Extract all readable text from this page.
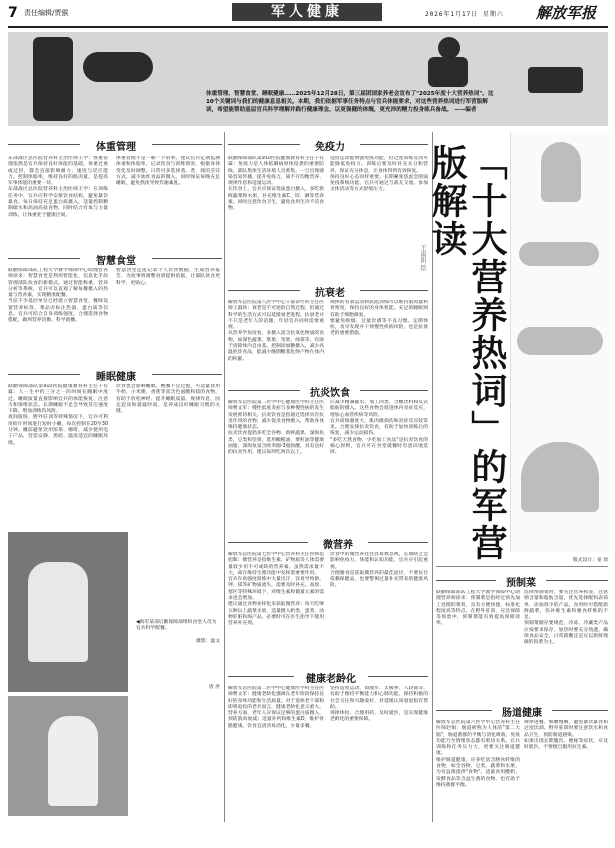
7 责任编辑/贾猴	军人健康	2026年1月17日 星期六 解放军报
体重管理、智慧食堂、睡眠健康……2025年12月28日，第三届团国家养老会宣布了"2025年度十大营养热词"。这10个关键词与我们的健康息息相关。本期，我们依据军事任务特点与官兵体能要求，对这些营养热词进行军营版解读，希望能帮助基层官兵科学理解并践行健康理念，以更强健的体魄，更充沛的精力投身练兵备战。 ——编者
体重管理
东部战区总医院营养科主治医师王学：体重管理依然是官兵保持良好体能的基础。体重过重或过轻，都会直接影响耐力、速度与反应能力。控制体脂率，维持良好的肌肉量，是提高军事体能的重要一环。
东部战区总医院营养科主治医师王学：在训练任务中，官兵应科学安排饮食结构，避免暴饮暴食。每日保持充足蛋白质摄入，适量控制精制碳水和高油高盐食物，同时结合有氧与力量训练，让体重处于健康区间。
体重管理不是一朝一夕的事。建议官兵定期监测体重和体脂率，记录饮食与训练情况，根据身体变化及时调整。日常可多选择蒸、煮、炖的烹饪方式，减少油炸食品的摄入。同时保证每晚充足睡眠，避免熬夜导致代谢紊乱。
智慧食堂
联勤保障部队工程大学教学保障中心助理营养师徐来：智慧食堂是利用智能化、信息化手段管理部队伙食的新模式。通过智能称重、营养分析等系统，官兵可以直观了解每餐摄入的热量与营养素，实现精准配餐。
当前不少基层单位已经建立智慧食堂，餐线设置营养标签，菜品旁标注热量、蛋白质等信息。官兵可结合自身训练强度，合理选择食物搭配，做到营养均衡、科学就餐。
智慧食堂还能记录个人饮食数据，生成营养报告，为炊事班调整食谱提供依据，让部队伙食更科学、更贴心。
睡眠健康
联勤保障部队第910医院健康教育科主任干有霖：人一生中约三分之一的时间在睡眠中度过。睡眠质量直接影响官兵的体能恢复、注意力和情绪状态。长期睡眠不足会导致反应速度下降，增加训练伤风险。
夜间值班、野外驻训等特殊情况下，官兵可利用碎片时间进行短时小睡，每次控制在20至30分钟。睡前避免饮用浓茶、咖啡，减少使用电子产品，营造安静、黑暗、温度适宜的睡眠环境。
饮食也会影响睡眠。晚餐不宜过饱，可适量食用牛奶、小米粥、香蕉等富含色氨酸和镁的食物，有助于放松神经、提升睡眠质量。规律作息，固定起床和就寝时间，是养成良好睡眠习惯的关键。
◀海军某部后勤保障部组织食堂人员为官兵科学配餐。
摄影：温文
唐 洪
免疫力
联勤保障部队第910医院健康教育科主任干有霖：免疫力是人体抵御病原体侵袭的重要防线。部队集体生活环境人员密集，一旦出现感染容易传播。提升免疫力，离不开均衡营养、规律作息和适量运动。
在饮食上，官兵应保证优质蛋白摄入，多吃新鲜蔬菜和水果，补充维生素C、锌、硒等营养素。同时注意饮食卫生，避免食用生冷不洁食物。
适度运动能增强免疫功能，但过度训练反而可能降低免疫力。训练后要及时补充水分和营养，保证充分休息，让身体得到有效恢复。
保持良好心态同样重要。长期紧张焦虑会削弱免疫系统功能，官兵可通过与战友交流、参加文体活动等方式舒缓压力。
抗衰老
解放军总医院第八医学中心干部诊疗科主任医师王淑珍：衰老是不可逆的自然过程，但通过科学的生活方式可以延缓衰老进程。抗衰老并不只是老年人的话题，年轻官兵同样需要重视。
从营养学角度看，多摄入富含抗氧化物质的食物，如深色蔬菜、浆果、坚果、绿茶等，有助于清除体内自由基。控制添加糖摄入，减少高温煎炸食品，能减少晚期糖基化终产物在体内的积累。
规律的有氧运动和抗阻训练可以维持肌肉量和骨密度，保持良好的身体机能。充足的睡眠则有助于细胞修复。
要避免吸烟、过量饮酒等不良习惯。定期体检，及早发现并干预慢性疾病风险，也是抗衰老的重要措施。
抗炎饮食
解放军总医院第二医学中心健康医学科主任医师曹文军：慢性低度炎症与多种慢性病的发生发展密切相关。抗炎饮食是指通过选择具有抗炎作用的食物，减少促炎食物摄入，帮助身体维持健康状态。
抗炎饮食提倡多吃全谷物、新鲜蔬果、深海鱼类、豆类和坚果，选用橄榄油、菜籽油等健康油脂。深海鱼富含欧米伽-3脂肪酸，具有良好的抗炎作用，建议每周吃两次以上。
应减少精制碳水、加工肉类、含糖饮料和反式脂肪的摄入。这些食物会促进体内炎症反应，增加心血管疾病等风险。
官兵训练强度大，肌肉微损伤和炎症反应较常见。合理安排抗炎饮食，有助于加快训练后的恢复，减少运动损伤。
"多吃天然食物，少吃加工食品"是抗炎饮食的核心原则，官兵可在食堂就餐时有意识地选择。
微营养
解放军总医院第七医学中心营养科主任医师范旭晖：微营养是指维生素、矿物质等人体需要量较少但不可或缺的营养素。虽然需求量不大，却在维持生理功能中发挥着重要作用。
官兵在高强度训练中大量出汗，容易导致钠、钾、镁等矿物质流失，需要及时补充。高原、寒区等特殊环境下，对维生素和微量元素的需求也会增加。
建议通过食物多样化来获取微营养：每天吃够五种以上蔬菜水果，适量摄入奶类、蛋类、动物肝脏和海产品。必要时可在医生指导下使用营养补充剂。
饮食中的微营养往往容易被忽视，长期缺乏会影响免疫力、体能和认知功能，官兵应引起重视。
合理膳食是获取微营养的最佳途径，不要盲目依赖保健品，也要警惕过量补充带来的健康风险。
健康老龄化
解放军总医院第二医学中心健康医学科主任医师曹文军：健康老龄化强调在老年阶段保持良好的身体功能和生活质量。对于退休老干部和即将退役的老兵而言，健康老龄化意义重大。
营养方面，老年人应保证足够的蛋白质摄入，预防肌肉衰减；适量补钙和维生素D，维护骨骼健康。饮食宜清淡易消化，少量多餐。
坚持适度运动，如散步、太极拳、八段锦等，有助于维持平衡能力和心肺功能。保持积极的社会交往和兴趣爱好，对延缓认知衰退很有帮助。
规律体检、合理用药、及时就医，是实现健康老龄化的重要保障。
「十大营养热词」的军营版解读
王雨阳 绘
版式设计：姜 琦
预制菜
联勤保障部队工程大学教学保障中心助理营养师徐来：预制菜是指经过预先加工处理的菜肴，具有方便快捷、标准化程度高等特点。在野外驻训、应急保障等场景中，预制菜能有效提高保障效率。
选择预制菜时，要关注营养标签，注意钠含量和脂肪含量，优先选择配料表简单、添加剂少的产品。食用时可搭配新鲜蔬菜，弥补维生素和膳食纤维的不足。
预制菜储存要规范，冷冻、冷藏类产品应按要求保存，加热时要充分熟透，确保食品安全。日常就餐还是应以新鲜现做的饭菜为主。
肠道健康
解放军总医院第六医学中心营养科主任医师赵娟：肠道被称为人体的"第二大脑"，肠道菌群的平衡与消化吸收、免疫功能乃至情绪状态都有密切关系。官兵训练和任务压力大，更要关注肠道健康。
维护肠道健康，应多吃富含膳食纤维的食物，如全谷物、豆类、蔬菜和水果，为有益菌提供"食物"。适量食用酸奶、发酵食品等含益生菌的食物，也有助于维持菌群平衡。
规律进餐、细嚼慢咽，避免暴饮暴食和过度饮酒。野外驻训时要注意饮水和食品卫生，预防肠道感染。
如果出现长期腹泻、便秘等症状，应及时就医，不要擅自服用抗生素。
